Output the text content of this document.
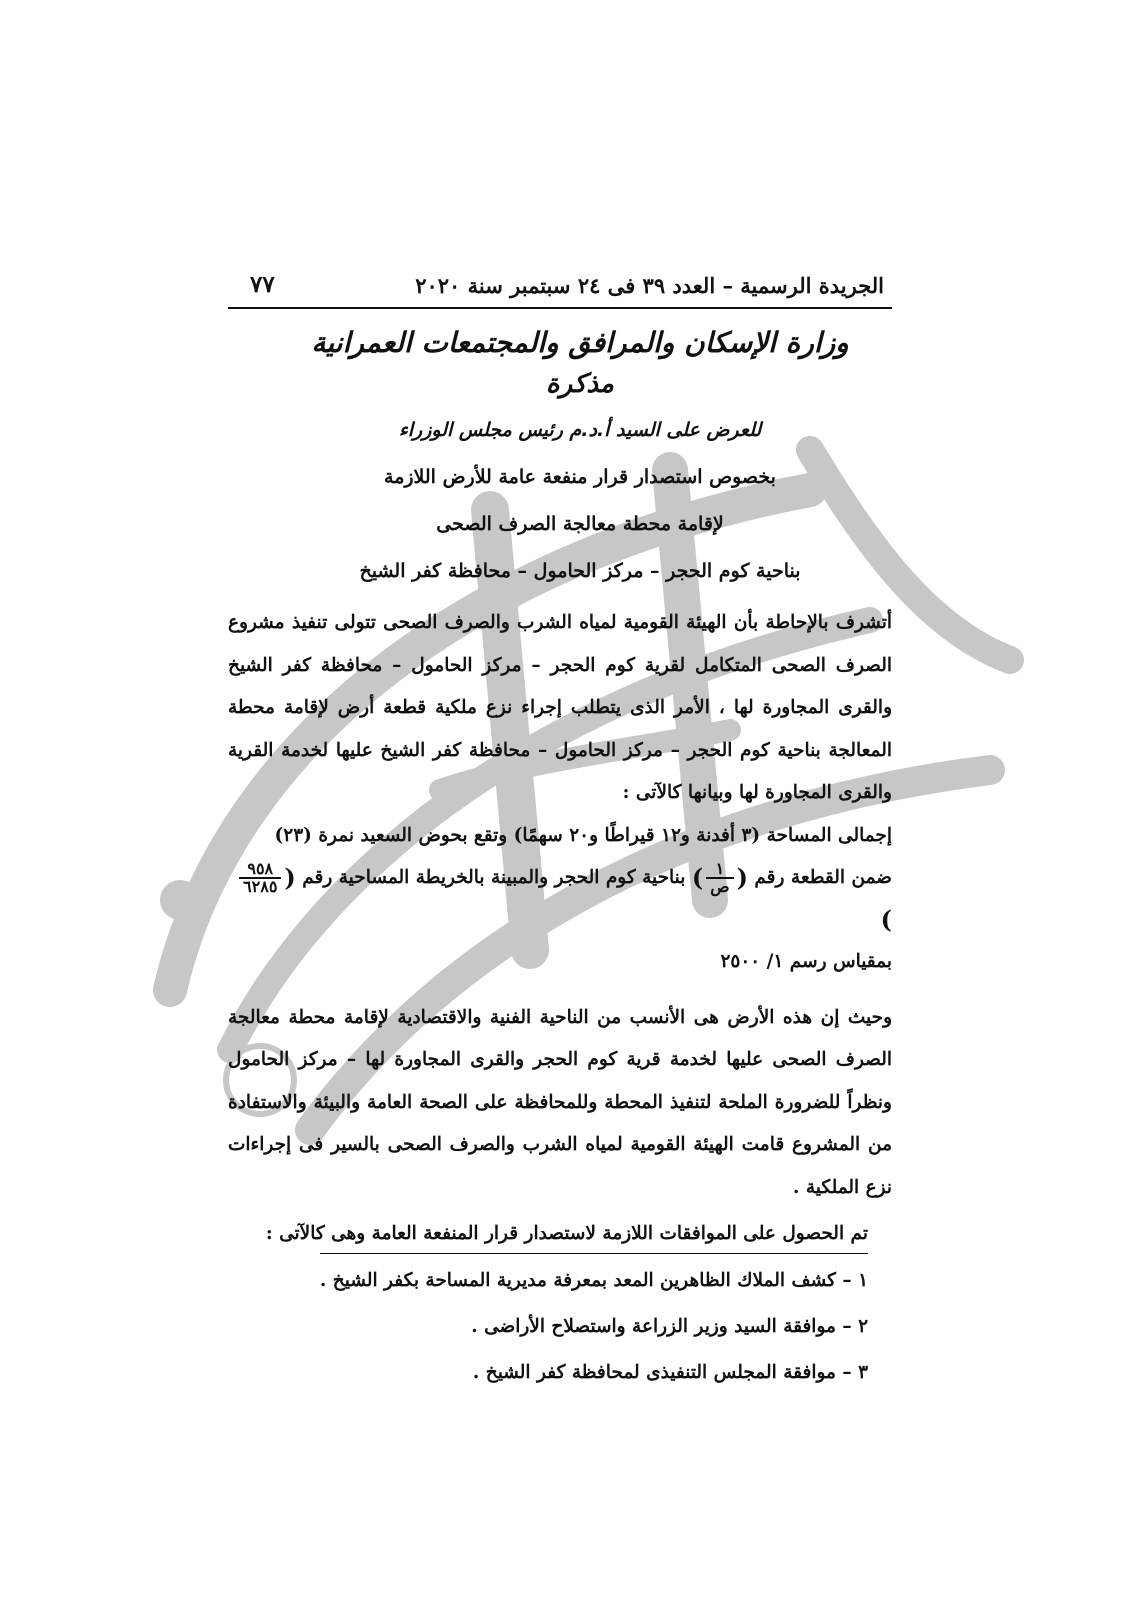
الجريدة الرسمية – العدد ٣٩ فى ٢٤ سبتمبر سنة ٢٠٢٠
٧٧
وزارة الإسكان والمرافق والمجتمعات العمرانية
مذكرة
للعرض على السيد أ.د.م رئيس مجلس الوزراء
بخصوص استصدار قرار منفعة عامة للأرض اللازمة
لإقامة محطة معالجة الصرف الصحى
بناحية كوم الحجر – مركز الحامول – محافظة كفر الشيخ

أتشرف بالإحاطة بأن الهيئة القومية لمياه الشرب والصرف الصحى تتولى تنفيذ مشروع الصرف الصحى المتكامل لقرية كوم الحجر – مركز الحامول – محافظة كفر الشيخ والقرى المجاورة لها ، الأمر الذى يتطلب إجراء نزع ملكية قطعة أرض لإقامة محطة المعالجة بناحية كوم الحجر – مركز الحامول – محافظة كفر الشيخ عليها لخدمة القرية والقرى المجاورة لها وبيانها كالآتى :

إجمالى المساحة (٣ أفدنة و١٢ قيراطًا و٢٠ سهمًا) وتقع بحوض السعيد نمرة (٢٣)
ضمن القطعة رقم (
$\frac{١}{\text{ص}}$
) بناحية كوم الحجر والمبينة بالخريطة المساحية رقم (
$\frac{٩٥٨}{٦٢٨٥}$
)
بمقياس رسم ١/ ٢٥٠٠

وحيث إن هذه الأرض هى الأنسب من الناحية الفنية والاقتصادية لإقامة محطة معالجة الصرف الصحى عليها لخدمة قرية كوم الحجر والقرى المجاورة لها – مركز الحامول ونظراً للضرورة الملحة لتنفيذ المحطة وللمحافظة على الصحة العامة والبيئة والاستفادة من المشروع قامت الهيئة القومية لمياه الشرب والصرف الصحى بالسير فى إجراءات نزع الملكية .

تم الحصول على الموافقات اللازمة لاستصدار قرار المنفعة العامة وهى كالآتى :
١ – كشف الملاك الظاهرين المعد بمعرفة مديرية المساحة بكفر الشيخ .
٢ – موافقة السيد وزير الزراعة واستصلاح الأراضى .
٣ – موافقة المجلس التنفيذى لمحافظة كفر الشيخ .
